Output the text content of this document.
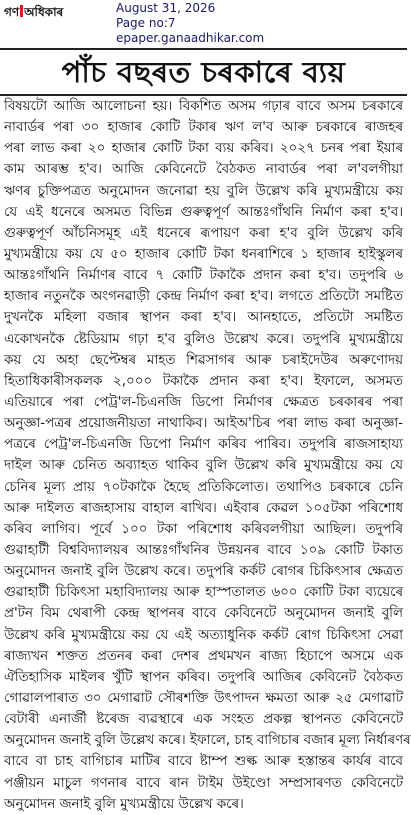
গণ অধিকাৰ	August 31, 2026
Page no:7
epaper.ganaadhikar.com
পাঁচ বছৰত চৰকাৰে ব্যয়
বিষয়টো আজি আলোচনা হয়। বিকশিত অসম গঢ়াৰ বাবে অসম চৰকাৰে
নাবাৰ্ডৰ পৰা ৩০ হাজাৰ কোটি টকাৰ ঋণ ল'ব আৰু চৰকাৰে ৰাজহৰ
পৰা লাভ কৰা ২০ হাজাৰ কোটি টকা ব্যয় কৰিব। ২০২৭ চনৰ পৰা ইয়াৰ
কাম আৰম্ভ হ'ব। আজি কেবিনেটে বৈঠকত নাবাৰ্ডৰ পৰা ল'বলগীয়া
ঋণৰ চুক্তিপত্ৰত অনুমোদন জনোৱা হয় বুলি উল্লেখ কৰি মুখ্যমন্ত্ৰীয়ে কয়
যে এই ধনেৰে অসমত বিভিন্ন গুৰুত্বপূৰ্ণ আন্তঃগাঁথনি নিৰ্মাণ কৰা হ'ব।
গুৰুত্বপূৰ্ণ আঁচনিসমূহ এই ধনেৰে ৰূপায়ণ কৰা হ'ব বুলি উল্লেখ কৰি
মুখ্যমন্ত্ৰীয়ে কয় যে ৫০ হাজাৰ কোটি টকা ধনৰাশিৰে ১ হাজাৰ হাইস্কুলৰ
আন্তঃগাঁথনি নিৰ্মাণৰ বাবে ৭ কোটি টকাকৈ প্ৰদান কৰা হ'ব। তদুপৰি ৬
হাজাৰ নতুনকৈ অংগনৱাড়ী কেন্দ্ৰ নিৰ্মাণ কৰা হ'ব। লগতে প্ৰতিটো সমষ্টিত
দুখনকৈ মহিলা বজাৰ স্থাপন কৰা হ'ব। আনহাতে, প্ৰতিটো সমষ্টিত
একোখনকৈ ষ্টেডিয়াম গঢ়া হ'ব বুলিও উল্লেখ কৰে। তদুপৰি মুখ্যমন্ত্ৰীয়ে
কয় যে অহা ছেপ্টেম্বৰ মাহত শিৱসাগৰ আৰু চৰাইদেউৰ অৰুণোদয়
হিতাধিকাৰীসকলক ২,০০০ টকাকৈ প্ৰদান কৰা হ'ব। ইফালে, অসমত
এতিয়াৰে পৰা পেট্ৰ'ল-চিএনজি ডিপো নিৰ্মাণৰ ক্ষেত্ৰত চৰকাৰৰ পৰা
অনুজ্ঞা-পত্ৰৰ প্ৰয়োজনীয়তা নাথাকিব। আইঅ'চিৰ পৰা লাভ কৰা অনুজ্ঞা-
পত্ৰৰে পেট্ৰ'ল-চিএনজি ডিপো নিৰ্মাণ কৰিব পাৰিব। তদুপৰি ৰাজসাহায্য
দাইল আৰু চেনিত অব্যাহত থাকিব বুলি উল্লেখ কৰি মুখ্যমন্ত্ৰীয়ে কয় যে
চেনিৰ মূল্য প্ৰায় ৭০টকাকৈ হৈছে প্ৰতিকিলোত। তথাপিও চৰকাৰে চেনি
আৰু দাইলত ৰাজহাসায় বাহাল ৰাখিব। এইবাৰ কেৱল ১০৫টকা পৰিশোধ
কৰিব লাগিব। পূৰ্বে ১০০ টকা পৰিশোধ কৰিবলগীয়া আছিল। তদুপৰি
গুৱাহাটী বিশ্ববিদ্যালয়ৰ আন্তঃগাঁথনিৰ উন্নয়নৰ বাবে ১০৯ কোটি টকাত
অনুমোদন জনাই বুলি উল্লেখ কৰে। তদুপৰি কৰ্কট ৰোগৰ চিকিৎসাৰ ক্ষেত্ৰত
গুৱাহাটী চিকিৎসা মহাবিদ্যালয় আৰু হাস্পতালত ৬০০ কোটি টকা ব্যয়েৰে
প্ৰ'টন বিম থেৰাপী কেন্দ্ৰ স্থাপনৰ বাবে কেবিনেটে অনুমোদন জনাই বুলি
উল্লেখ কৰি মুখ্যমন্ত্ৰীয়ে কয় যে এই অত্যাধুনিক কৰ্কট ৰোগ চিকিৎসা সেৱা
ৰাজ্যখন শক্তত প্ৰতনৰ কৰা দেশৰ প্ৰথমখন ৰাজ্য হিচাপে অসমে এক
ঐতিহাসিক মাইলৰ খুঁটি স্থাপন কৰিব। তদুপৰি আজিৰ কেবিনেট বৈঠকত
গোৱালপাৰাত ৩০ মেগাৱাট সৌৰশক্তি উৎপাদন ক্ষমতা আৰু ২৫ মেগাৱাট
বেটাৰী এনাৰ্জী ষ্টৰেজ ব্যৱস্থাৰে এক সংহত প্ৰকল্প স্থাপনত কেবিনেটে
অনুমোদন জনাই বুলি উল্লেখ কৰে। ইফালে, চাহ বাগিচাৰ বজাৰ মূল্য নিৰ্ধাৰণৰ
বাবে বা চাহ বাগিচাৰ মাটিৰ বাবে ষ্টাম্প শুল্ক আৰু হস্তান্তৰ কাৰ্যৰ বাবে
পঞ্জীয়ন মাচুল গণনাৰ বাবে ৰান টাইম উইণ্ডো সম্প্ৰসাৰণত কেবিনেটে
অনুমোদন জনাই বুলি মুখ্যমন্ত্ৰীয়ে উল্লেখ কৰে।
